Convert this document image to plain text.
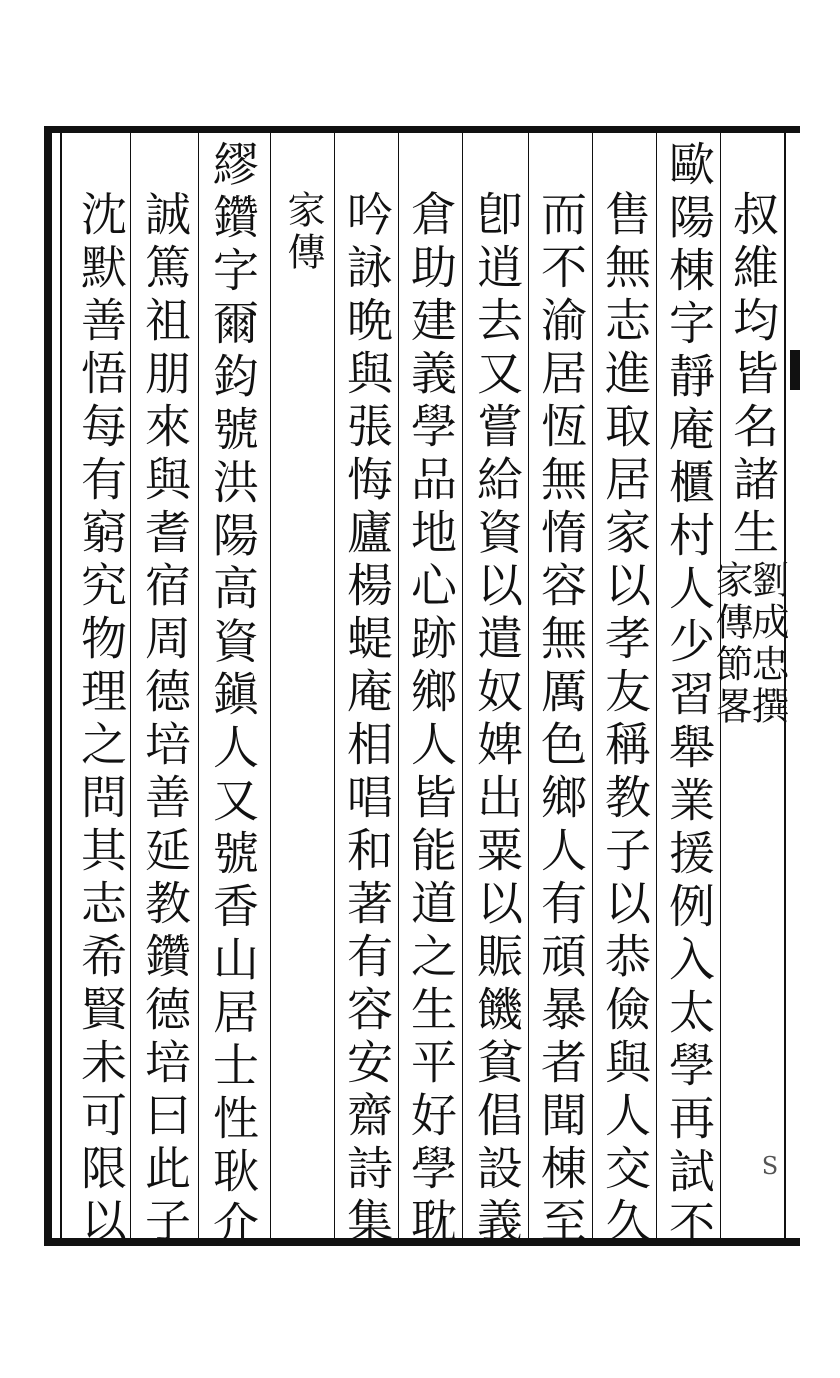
叔維均皆名諸生
劉成忠撰
家傳節畧
歐陽棟字靜庵櫃村人少習舉業援例入太學再試不
售無志進取居家以孝友稱教子以恭儉與人交久
而不渝居恆無惰容無厲色鄉人有頑暴者聞棟至
卽逍去又嘗給資以遣奴婢出粟以賑饑貧倡設義
倉助建義學品地心跡鄉人皆能道之生平好學耽
吟詠晩與張悔廬楊蝭庵相唱和著有容安齋詩集
家傳
繆鑽字爾鈞號洪陽高資鎭人又號香山居士性耿介
誠篤祖朋來與耆宿周德培善延教鑽德培曰此子
沈默善悟每有窮究物理之問其志希賢未可限以	S
